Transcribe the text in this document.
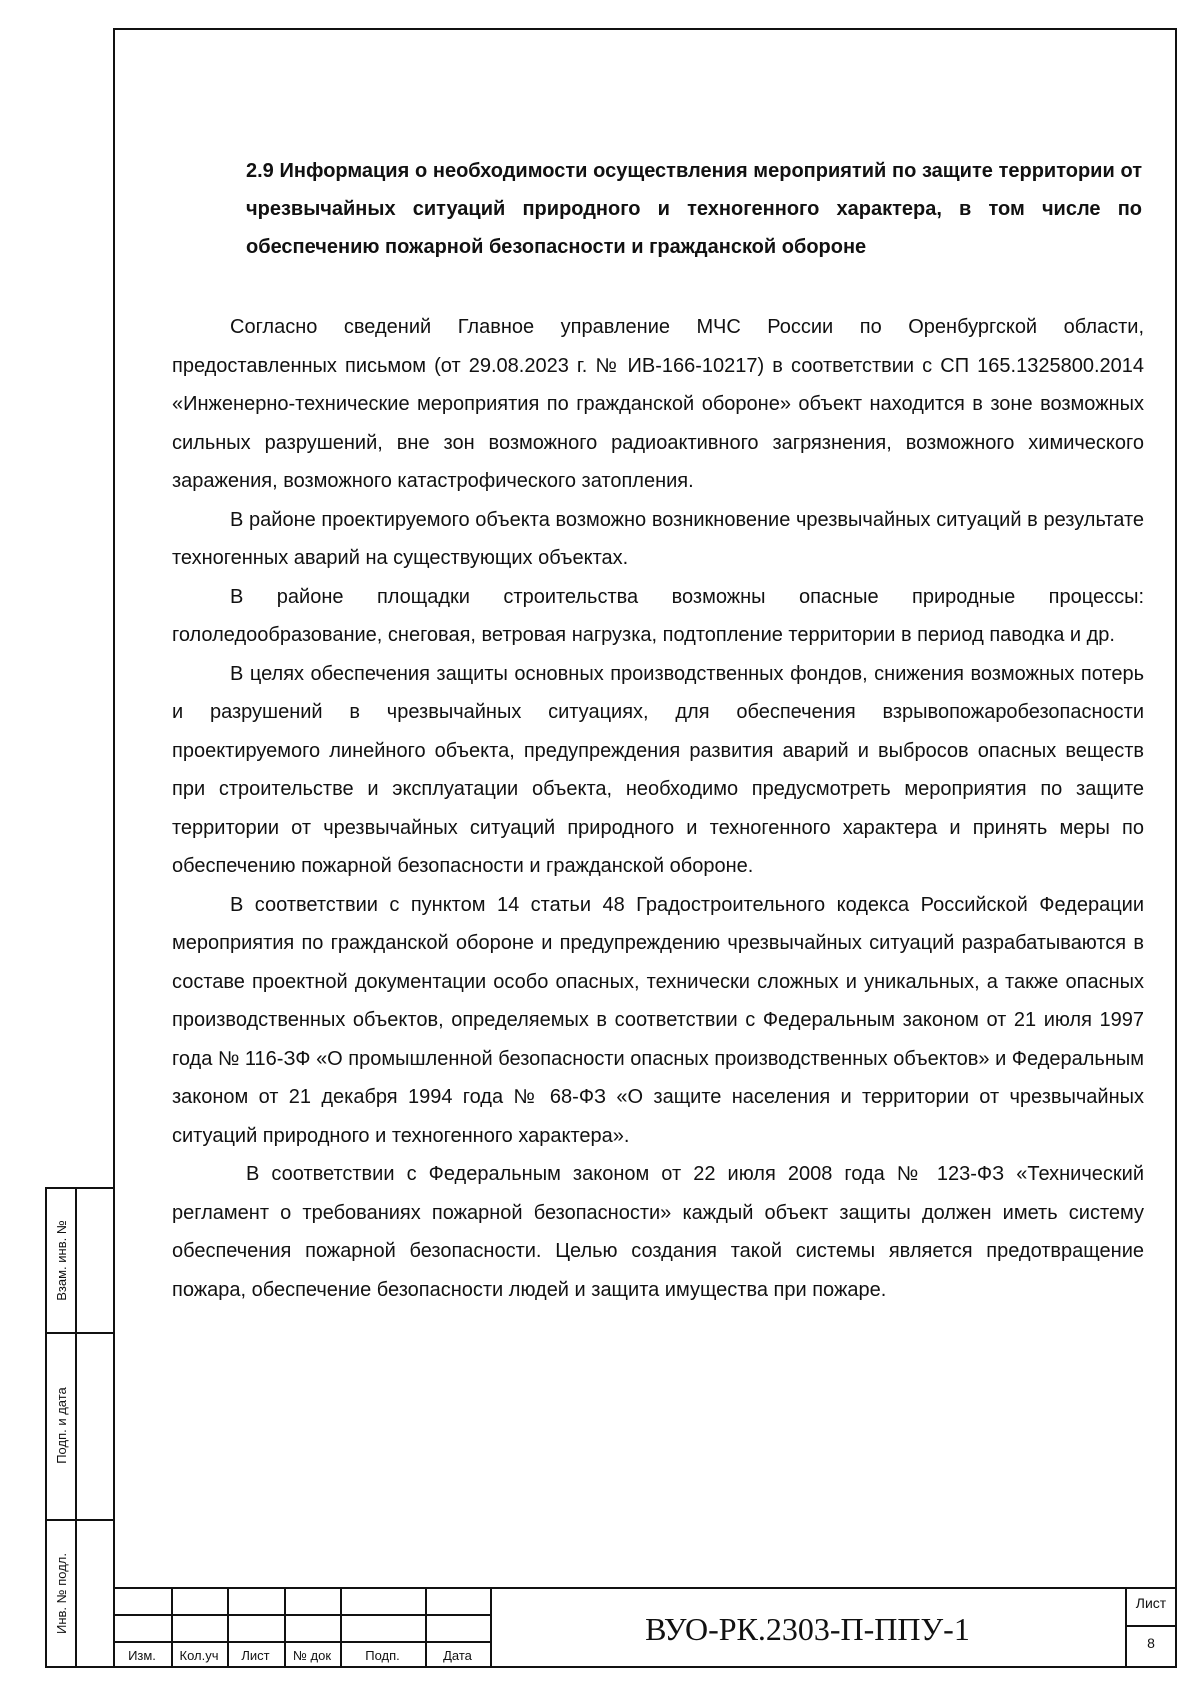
2.9 Информация о необходимости осуществления мероприятий по защите территории от чрезвычайных ситуаций природного и техногенного характера, в том числе по обеспечению пожарной безопасности и гражданской обороне

Согласно сведений Главное управление МЧС России по Оренбургской области, предоставленных письмом (от 29.08.2023 г. № ИВ-166-10217) в соответствии с СП 165.1325800.2014 «Инженерно-технические мероприятия по гражданской обороне» объект находится в зоне возможных сильных разрушений, вне зон возможного радиоактивного загрязнения, возможного химического заражения, возможного катастрофического затопления.

В районе проектируемого объекта возможно возникновение чрезвычайных ситуаций в результате техногенных аварий на существующих объектах.

В районе площадки строительства возможны опасные природные процессы: гололедообразование, снеговая, ветровая нагрузка, подтопление территории в период паводка и др.

В целях обеспечения защиты основных производственных фондов, снижения возможных потерь и разрушений в чрезвычайных ситуациях, для обеспечения взрывопожаробезопасности проектируемого линейного объекта, предупреждения развития аварий и выбросов опасных веществ при строительстве и эксплуатации объекта, необходимо предусмотреть мероприятия по защите территории от чрезвычайных ситуаций природного и техногенного характера и принять меры по обеспечению пожарной безопасности и гражданской обороне.

В соответствии с пунктом 14 статьи 48 Градостроительного кодекса Российской Федерации мероприятия по гражданской обороне и предупреждению чрезвычайных ситуаций разрабатываются в составе проектной документации особо опасных, технически сложных и уникальных, а также опасных производственных объектов, определяемых в соответствии с Федеральным законом от 21 июля 1997 года № 116-ЗФ «О промышленной безопасности опасных производственных объектов» и Федеральным законом от 21 декабря 1994 года № 68-ФЗ «О защите населения и территории от чрезвычайных ситуаций природного и техногенного характера».

В соответствии с Федеральным законом от 22 июля 2008 года № 123-ФЗ «Технический регламент о требованиях пожарной безопасности» каждый объект защиты должен иметь систему обеспечения пожарной безопасности. Целью создания такой системы является предотвращение пожара, обеспечение безопасности людей и защита имущества при пожаре.

Взам. инв. №
Подп. и дата
Инв. № подл.
Изм.	Кол.уч	Лист	№ док	Подп.	Дата
ВУО-РК.2303-П-ППУ-1
Лист
8
